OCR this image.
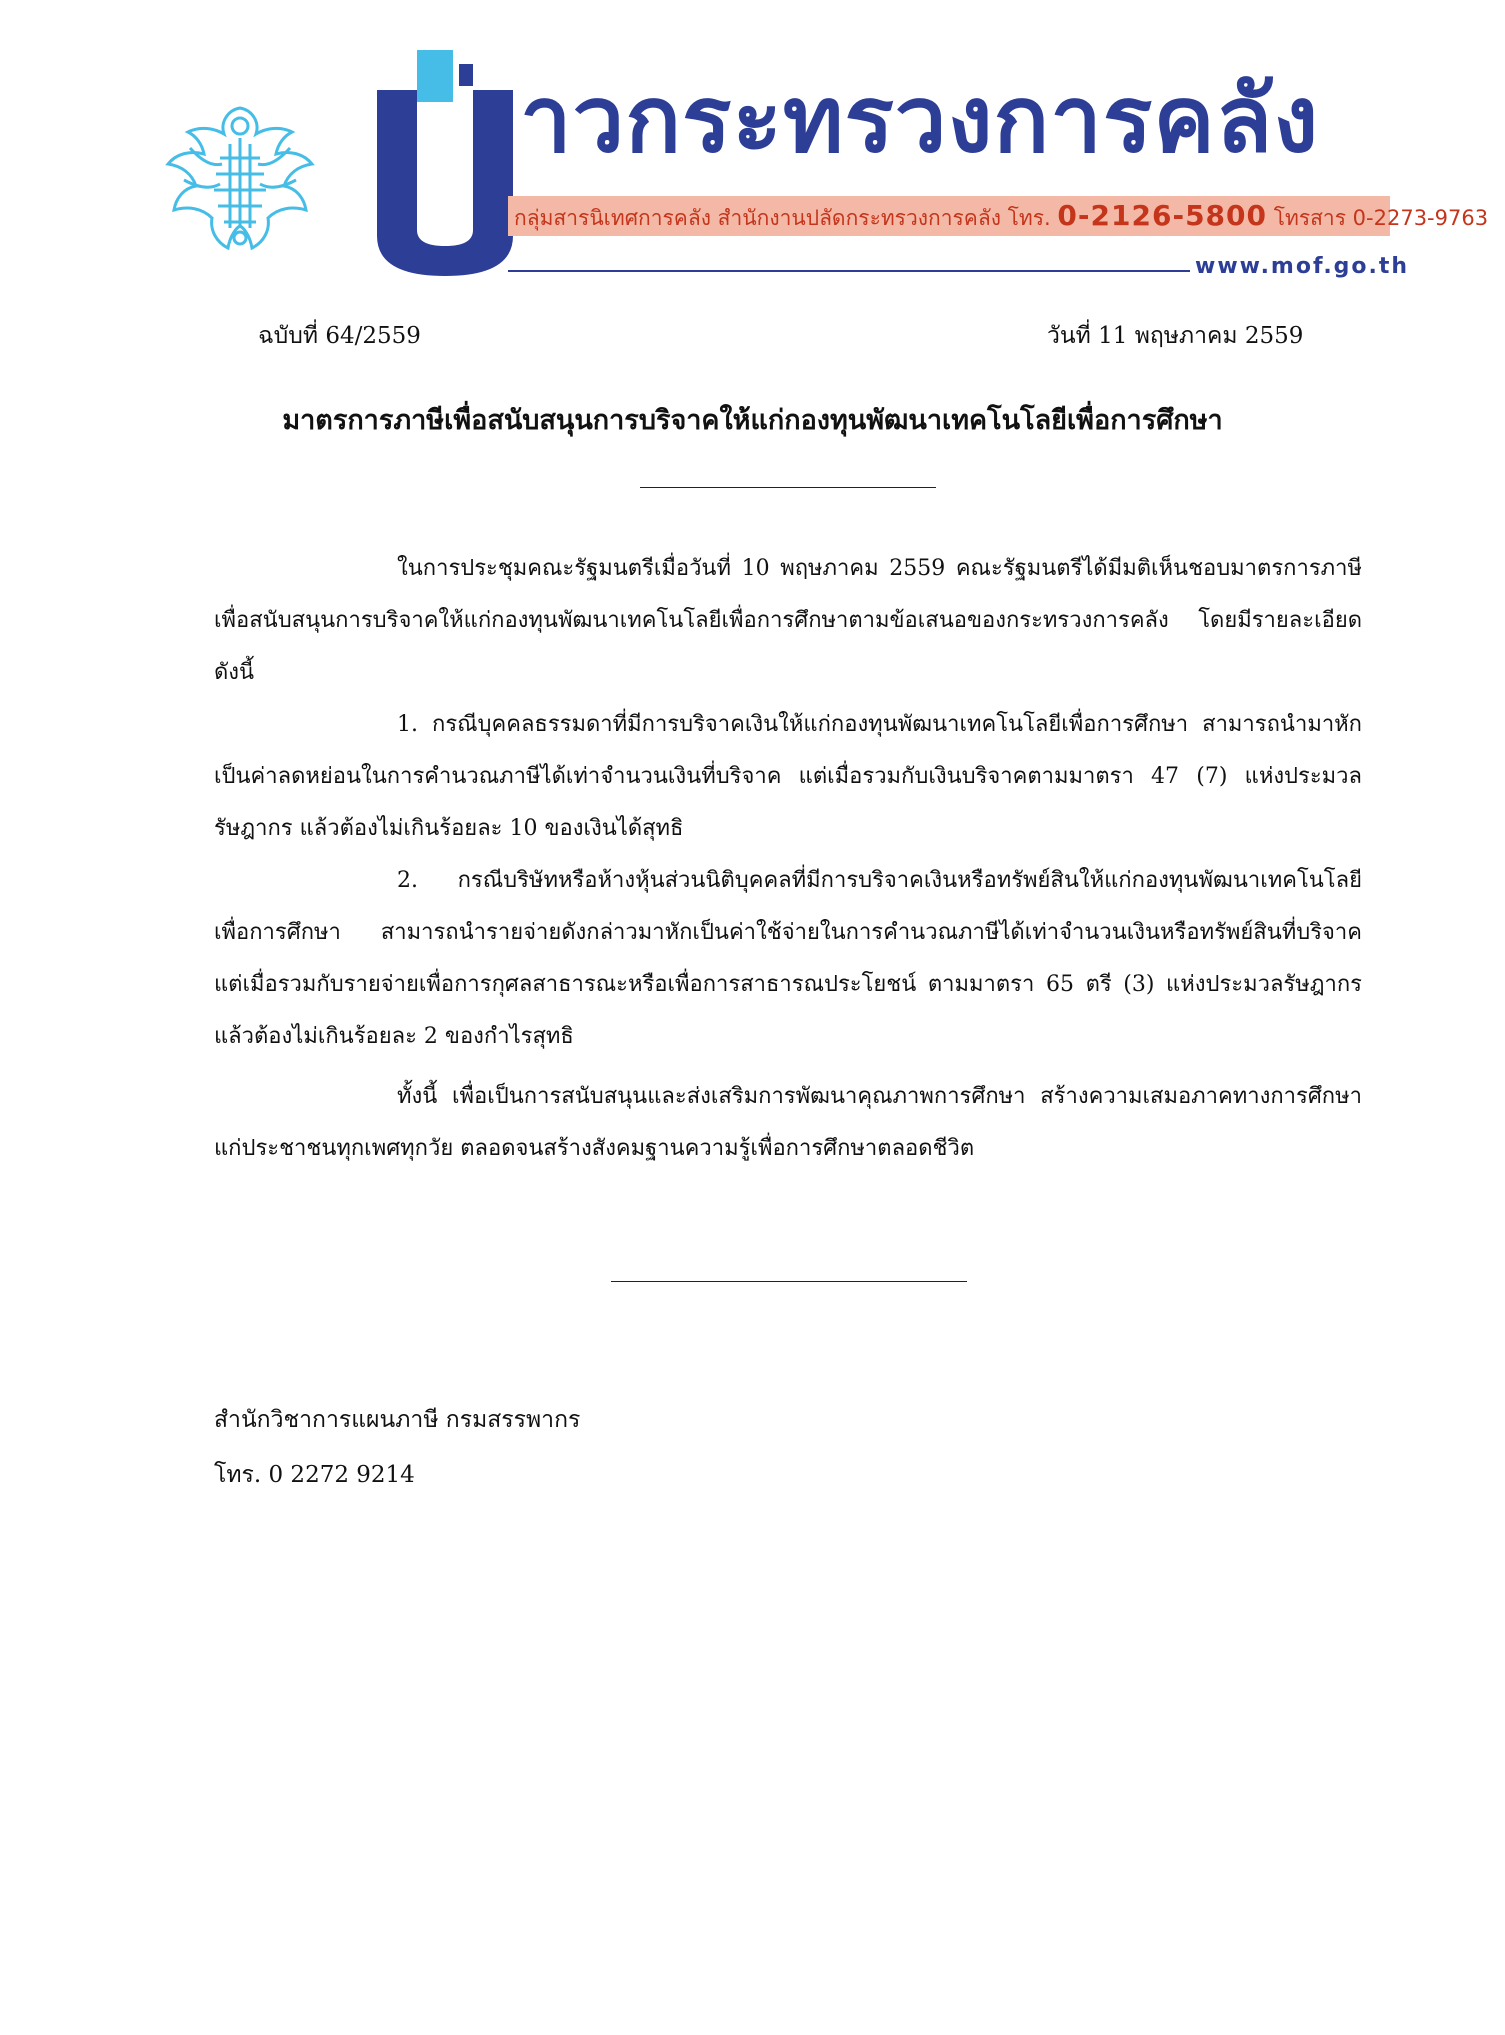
าวกระทรวงการคลัง
กลุ่มสารนิเทศการคลัง สำนักงานปลัดกระทรวงการคลัง โทร. 0-2126-5800 โทรสาร 0-2273-9763
www.mof.go.th
ฉบับที่ 64/2559	วันที่ 11 พฤษภาคม 2559
มาตรการภาษีเพื่อสนับสนุนการบริจาคให้แก่กองทุนพัฒนาเทคโนโลยีเพื่อการศึกษา

ในการประชุมคณะรัฐมนตรีเมื่อวันที่ 10 พฤษภาคม 2559 คณะรัฐมนตรีได้มีมติเห็นชอบมาตรการภาษีเพื่อสนับสนุนการบริจาคให้แก่กองทุนพัฒนาเทคโนโลยีเพื่อการศึกษาตามข้อเสนอของกระทรวงการคลัง โดยมีรายละเอียด ดังนี้

1. กรณีบุคคลธรรมดาที่มีการบริจาคเงินให้แก่กองทุนพัฒนาเทคโนโลยีเพื่อการศึกษา สามารถนำมาหักเป็นค่าลดหย่อนในการคำนวณภาษีได้เท่าจำนวนเงินที่บริจาค แต่เมื่อรวมกับเงินบริจาคตามมาตรา 47 (7) แห่งประมวลรัษฎากร แล้วต้องไม่เกินร้อยละ 10 ของเงินได้สุทธิ

2. กรณีบริษัทหรือห้างหุ้นส่วนนิติบุคคลที่มีการบริจาคเงินหรือทรัพย์สินให้แก่กองทุนพัฒนาเทคโนโลยีเพื่อการศึกษา สามารถนำรายจ่ายดังกล่าวมาหักเป็นค่าใช้จ่ายในการคำนวณภาษีได้เท่าจำนวนเงินหรือทรัพย์สินที่บริจาค แต่เมื่อรวมกับรายจ่ายเพื่อการกุศลสาธารณะหรือเพื่อการสาธารณประโยชน์ ตามมาตรา 65 ตรี (3) แห่งประมวลรัษฎากร แล้วต้องไม่เกินร้อยละ 2 ของกำไรสุทธิ

ทั้งนี้ เพื่อเป็นการสนับสนุนและส่งเสริมการพัฒนาคุณภาพการศึกษา สร้างความเสมอภาคทางการศึกษาแก่ประชาชนทุกเพศทุกวัย ตลอดจนสร้างสังคมฐานความรู้เพื่อการศึกษาตลอดชีวิต

สำนักวิชาการแผนภาษี กรมสรรพากร
โทร. 0 2272 9214
